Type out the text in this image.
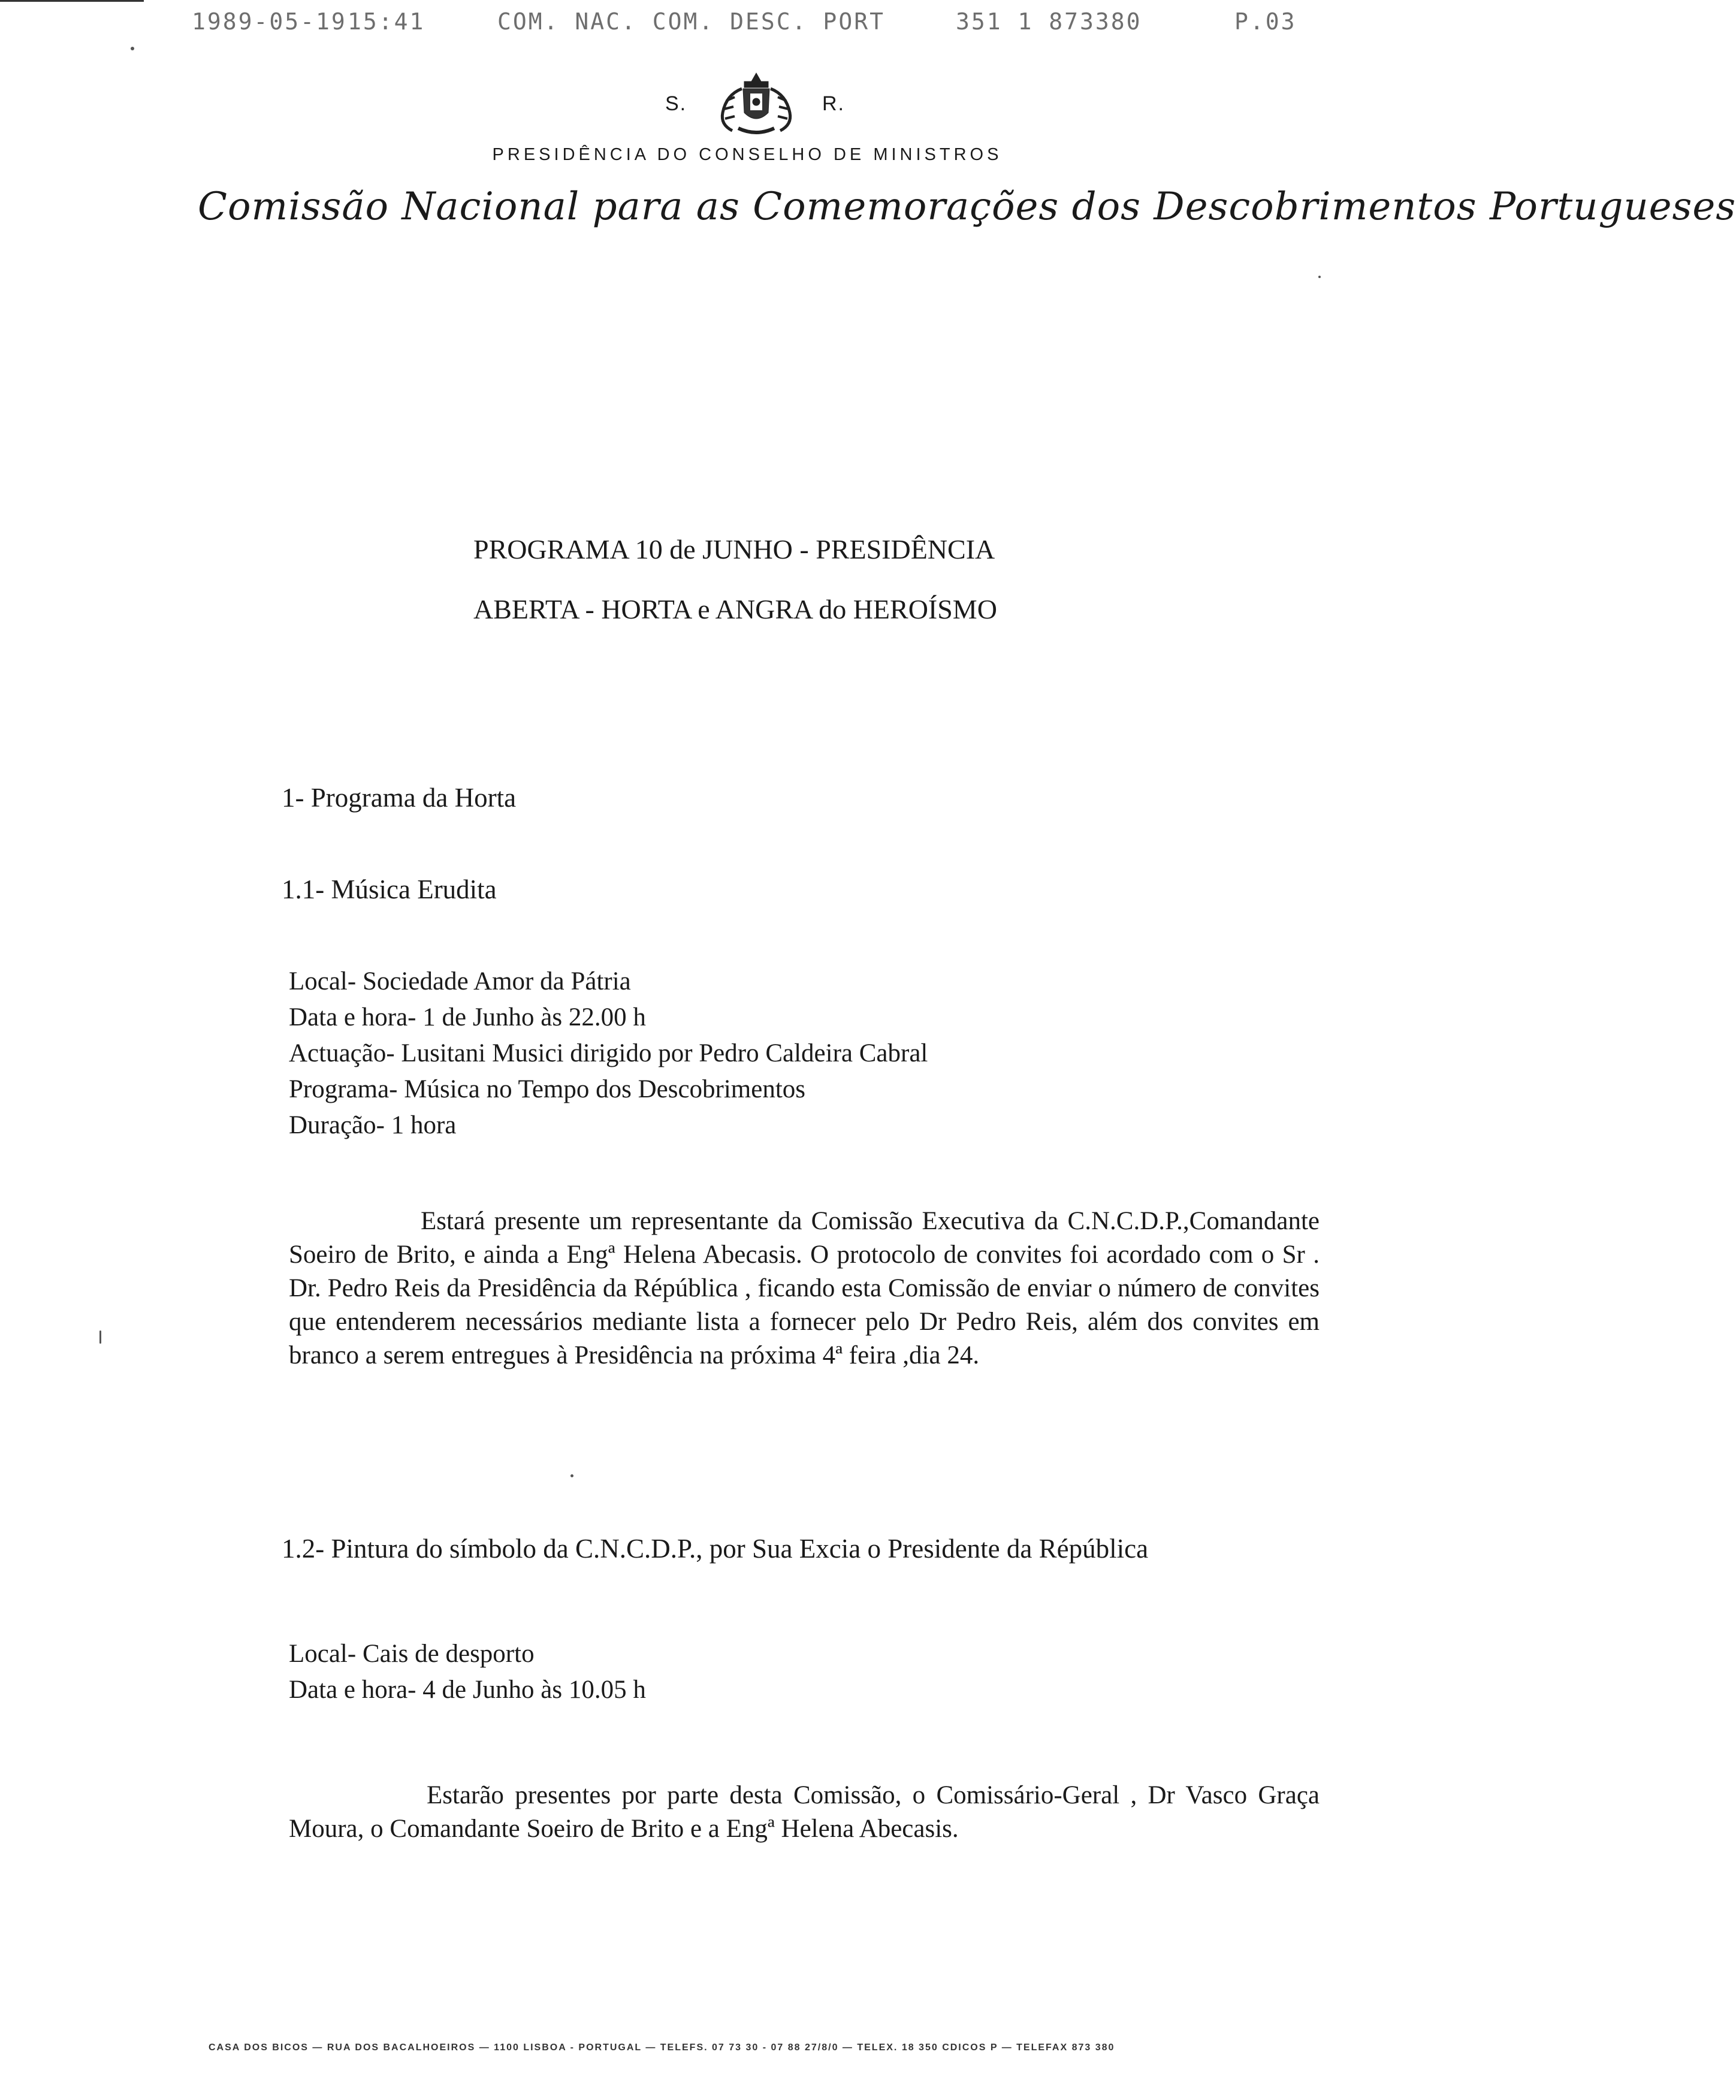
1989-05-19 15:41	COM. NAC. COM. DESC. PORT	351 1 873380	P.03
S.	R.
PRESIDÊNCIA DO CONSELHO DE MINISTROS
Comissão Nacional para as Comemorações dos Descobrimentos Portugueses
PROGRAMA 10 de JUNHO - PRESIDÊNCIA
ABERTA - HORTA e ANGRA do HEROÍSMO
1- Programa da Horta
1.1- Música Erudita
Local- Sociedade Amor da Pátria
Data e hora- 1 de Junho às 22.00 h
Actuação- Lusitani Musici dirigido por Pedro Caldeira Cabral
Programa- Música no Tempo dos Descobrimentos
Duração- 1 hora
Estará presente um representante da Comissão Executiva da C.N.C.D.P.,Comandante Soeiro de Brito, e ainda a Engª Helena Abecasis. O protocolo de convites foi acordado com o Sr . Dr. Pedro Reis da Presidência da Répública , ficando esta Comissão de enviar o número de convites que entenderem necessários mediante lista a fornecer pelo Dr Pedro Reis, além dos convites em branco a serem entregues à Presidência na próxima 4ª feira ,dia 24.
1.2- Pintura do símbolo da C.N.C.D.P., por Sua Excia o Presidente da Répública
Local- Cais de desporto
Data e hora- 4 de Junho às 10.05 h
Estarão presentes por parte desta Comissão, o Comissário-Geral , Dr Vasco Graça Moura, o Comandante Soeiro de Brito e a Engª Helena Abecasis.
CASA DOS BICOS — RUA DOS BACALHOEIROS — 1100 LISBOA - PORTUGAL — TELEFS. 07 73 30 - 07 88 27/8/0 — TELEX. 18 350 CDICOS P — TELEFAX 873 380
